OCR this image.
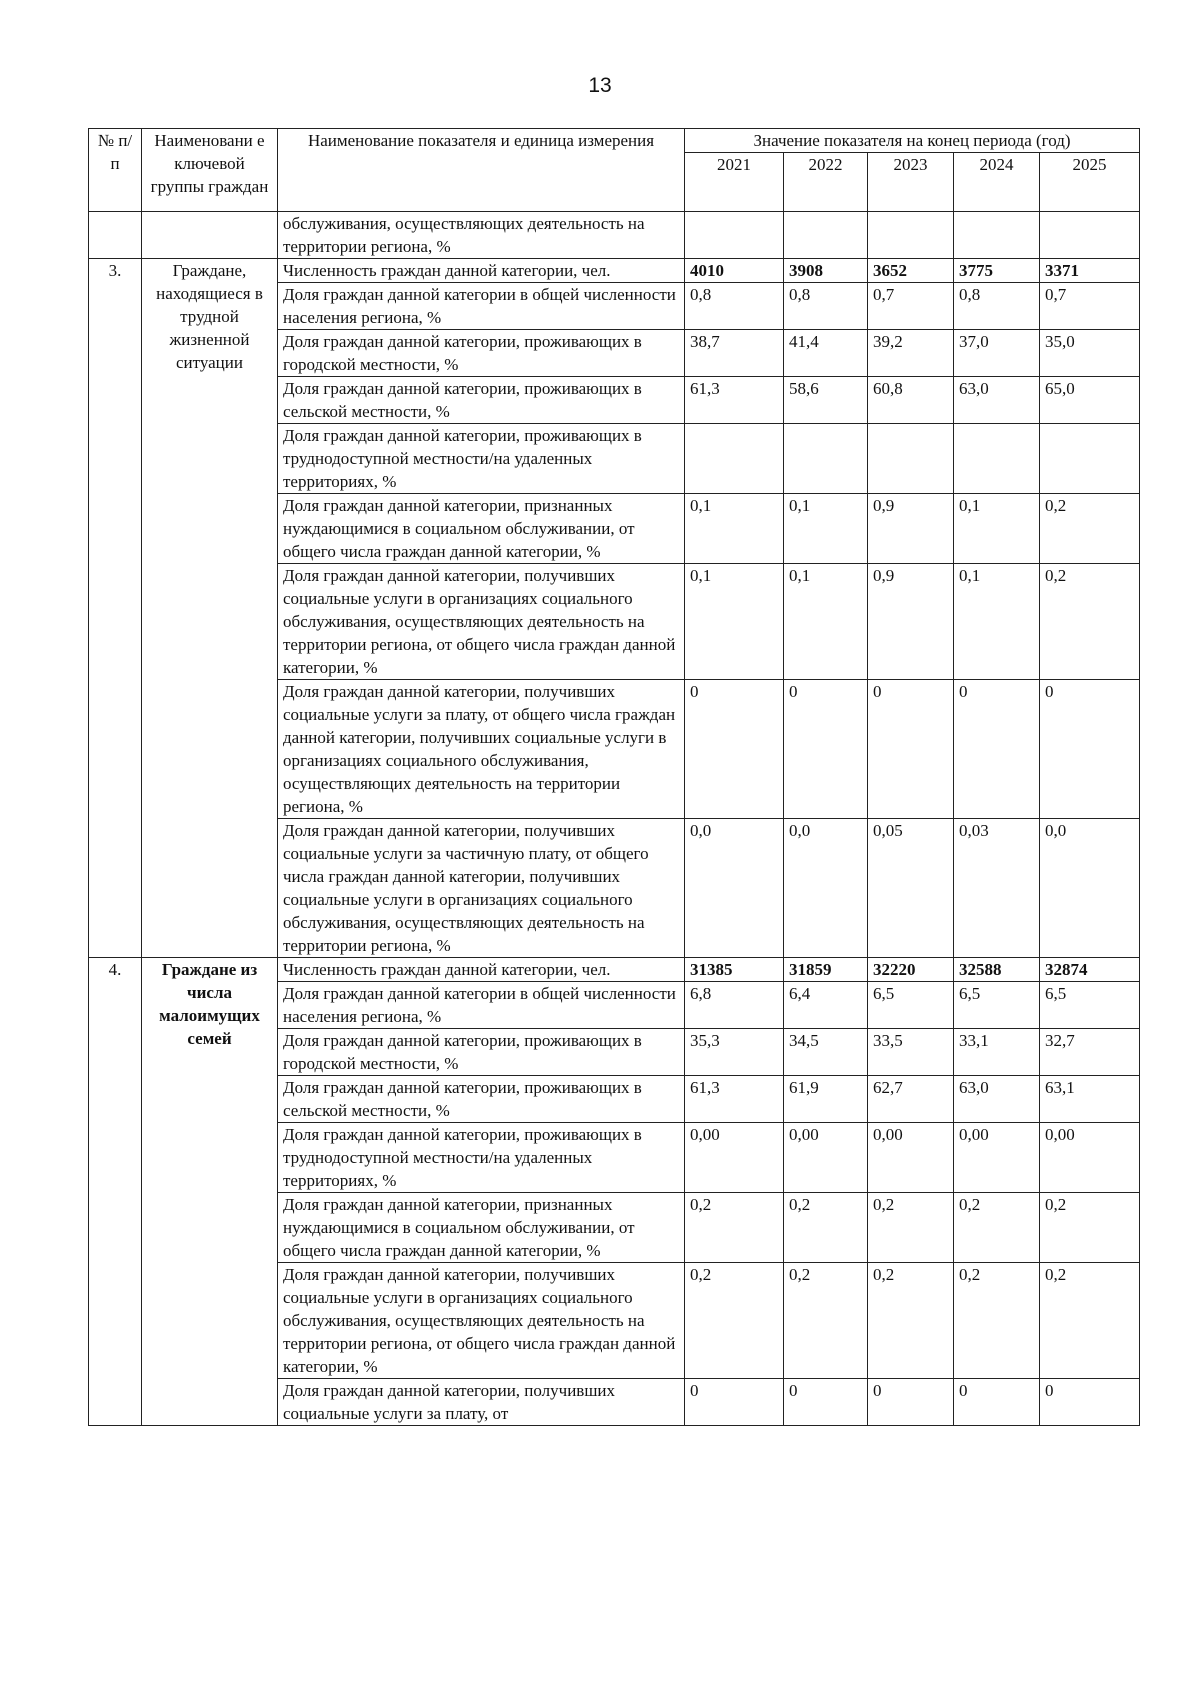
13
№ п/п	Наименовани е ключевой группы граждан	Наименование показателя и единица измерения	Значение показателя на конец периода (год)				
			2021	2022	2023	2024	2025
		обслуживания, осуществляющих деятельность на территории региона, %					
3.	Граждане, находящиеся в трудной жизненной ситуации	Численность граждан данной категории, чел.	4010	3908	3652	3775	3371
		Доля граждан данной категории в общей численности населения региона, %	0,8	0,8	0,7	0,8	0,7
		Доля граждан данной категории, проживающих в городской местности, %	38,7	41,4	39,2	37,0	35,0
		Доля граждан данной категории, проживающих в сельской местности, %	61,3	58,6	60,8	63,0	65,0
		Доля граждан данной категории, проживающих в труднодоступной местности/на удаленных территориях, %					
		Доля граждан данной категории, признанных нуждающимися в социальном обслуживании, от общего числа граждан данной категории, %	0,1	0,1	0,9	0,1	0,2
		Доля граждан данной категории, получивших социальные услуги в организациях социального обслуживания, осуществляющих деятельность на территории региона, от общего числа граждан данной категории, %	0,1	0,1	0,9	0,1	0,2
		Доля граждан данной категории, получивших социальные услуги за плату, от общего числа граждан данной категории, получивших социальные услуги в организациях социального обслуживания, осуществляющих деятельность на территории региона, %	0	0	0	0	0
		Доля граждан данной категории, получивших социальные услуги за частичную плату, от общего числа граждан данной категории, получивших социальные услуги в организациях социального обслуживания, осуществляющих деятельность на территории региона, %	0,0	0,0	0,05	0,03	0,0
4.	Граждане из числа малоимущих семей	Численность граждан данной категории, чел.	31385	31859	32220	32588	32874
		Доля граждан данной категории в общей численности населения региона, %	6,8	6,4	6,5	6,5	6,5
		Доля граждан данной категории, проживающих в городской местности, %	35,3	34,5	33,5	33,1	32,7
		Доля граждан данной категории, проживающих в сельской местности, %	61,3	61,9	62,7	63,0	63,1
		Доля граждан данной категории, проживающих в труднодоступной местности/на удаленных территориях, %	0,00	0,00	0,00	0,00	0,00
		Доля граждан данной категории, признанных нуждающимися в социальном обслуживании, от общего числа граждан данной категории, %	0,2	0,2	0,2	0,2	0,2
		Доля граждан данной категории, получивших социальные услуги в организациях социального обслуживания, осуществляющих деятельность на территории региона, от общего числа граждан данной категории, %	0,2	0,2	0,2	0,2	0,2
		Доля граждан данной категории, получивших социальные услуги за плату, от	0	0	0	0	0
